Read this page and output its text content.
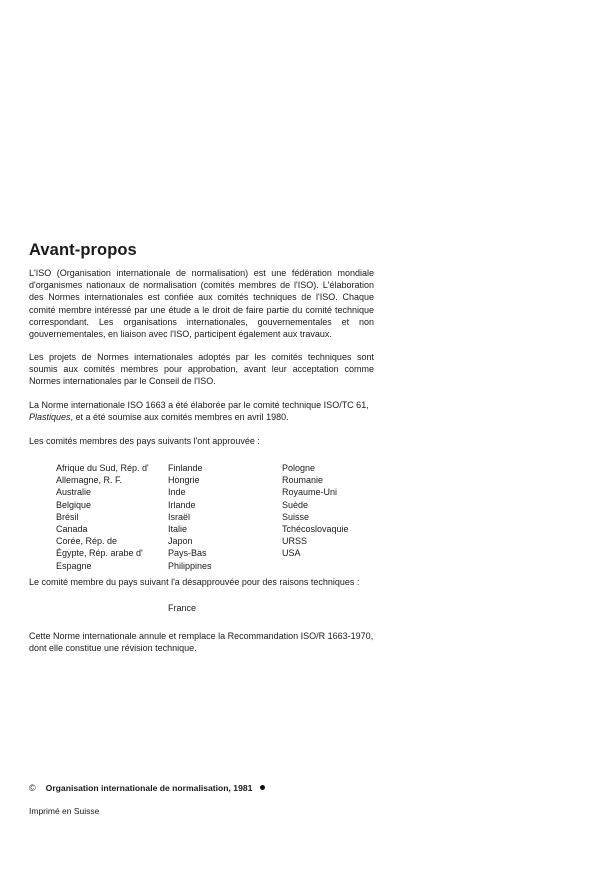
Avant-propos
L'ISO (Organisation internationale de normalisation) est une fédération mondiale d'organismes nationaux de normalisation (comités membres de l'ISO). L'élaboration des Normes internationales est confiée aux comités techniques de l'ISO. Chaque comité membre intéressé par une étude a le droit de faire partie du comité technique correspondant. Les organisations internationales, gouvernementales et non gouvernementales, en liaison avec l'ISO, participent également aux travaux.
Les projets de Normes internationales adoptés par les comités techniques sont soumis aux comités membres pour approbation, avant leur acceptation comme Normes internationales par le Conseil de l'ISO.
La Norme internationale ISO 1663 a été élaborée par le comité technique ISO/TC 61, Plastiques, et a été soumise aux comités membres en avril 1980.
Les comités membres des pays suivants l'ont approuvée :
Afrique du Sud, Rép. d'
Allemagne, R. F.
Australie
Belgique
Brésil
Canada
Corée, Rép. de
Égypte, Rép. arabe d'
Espagne
Finlande
Hongrie
Inde
Irlande
Israël
Italie
Japon
Pays-Bas
Philippines
Pologne
Roumanie
Royaume-Uni
Suède
Suisse
Tchécoslovaquie
URSS
USA
Le comité membre du pays suivant l'a désapprouvée pour des raisons techniques :
France
Cette Norme internationale annule et remplace la Recommandation ISO/R 1663-1970, dont elle constitue une révision technique.
© Organisation internationale de normalisation, 1981
Imprimé en Suisse
